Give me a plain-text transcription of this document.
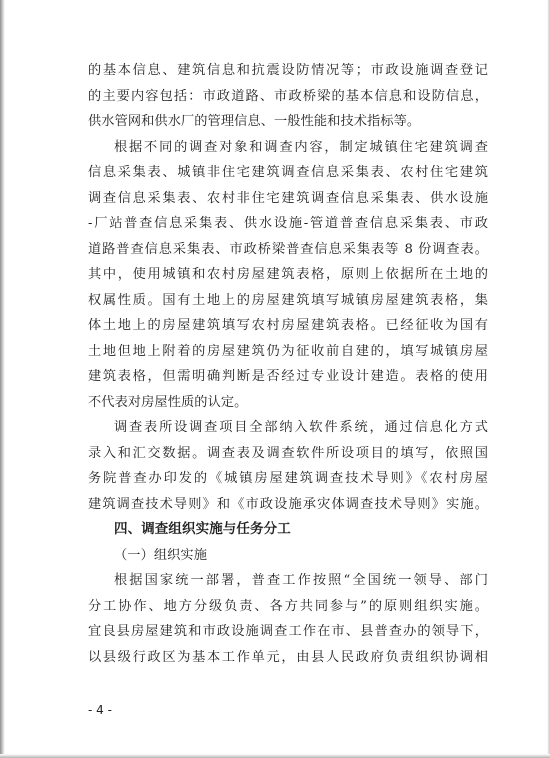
的基本信息、建筑信息和抗震设防情况等；市政设施调查登记
的主要内容包括：市政道路、市政桥梁的基本信息和设防信息，
供水管网和供水厂的管理信息、一般性能和技术指标等。
根据不同的调查对象和调查内容，制定城镇住宅建筑调查
信息采集表、城镇非住宅建筑调查信息采集表、农村住宅建筑
调查信息采集表、农村非住宅建筑调查信息采集表、供水设施
-厂站普查信息采集表、供水设施-管道普查信息采集表、市政
道路普查信息采集表、市政桥梁普查信息采集表等 8 份调查表。
其中，使用城镇和农村房屋建筑表格，原则上依据所在土地的
权属性质。国有土地上的房屋建筑填写城镇房屋建筑表格，集
体土地上的房屋建筑填写农村房屋建筑表格。已经征收为国有
土地但地上附着的房屋建筑仍为征收前自建的，填写城镇房屋
建筑表格，但需明确判断是否经过专业设计建造。表格的使用
不代表对房屋性质的认定。
调查表所设调查项目全部纳入软件系统，通过信息化方式
录入和汇交数据。调查表及调查软件所设项目的填写，依照国
务院普查办印发的《城镇房屋建筑调查技术导则》《农村房屋
建筑调查技术导则》和《市政设施承灾体调查技术导则》实施。
四、调查组织实施与任务分工
（一）组织实施
根据国家统一部署，普查工作按照“全国统一领导、部门
分工协作、地方分级负责、各方共同参与”的原则组织实施。
宜良县房屋建筑和市政设施调查工作在市、县普查办的领导下，
以县级行政区为基本工作单元，由县人民政府负责组织协调相
- 4 -
